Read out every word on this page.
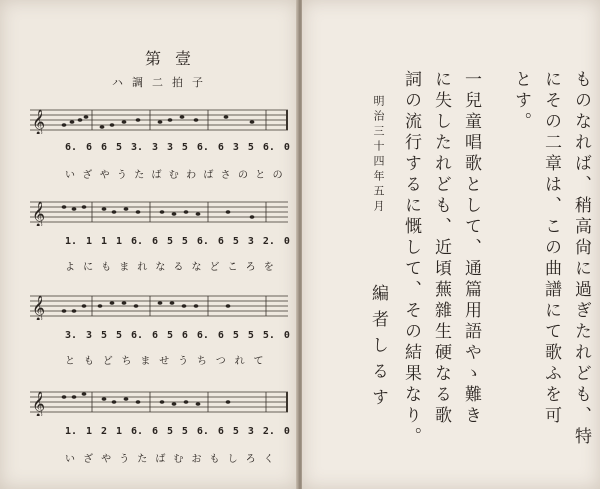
第壹
ハ調二拍子
𝄞
6. 6 6 5 3. 3 3 5 6. 6 3 5 6. 0
い ざ や う た ば む わ ば さ の と の
𝄞
1. 1 1 1 6. 6 5 5 6. 6 5 3 2. 0
よ に も ま れ な る な ど こ ろ を
𝄞
3. 3 5 5 6. 6 5 6 6. 6 5 5 5. 0
と も ど ち ま せ う ち つ れ て
𝄞
1. 1 2 1 6. 6 5 5 6. 6 5 3 2. 0
い ざ や う た ば む お も し ろ く
ものなれば、稍高尙に過ぎたれども、特
にその二章は、この曲譜にて歌ふを可
とす。
一兒童唱歌として、通篇用語やゝ難き
に失したれども、近頃蕪雜生硬なる歌
詞の流行するに慨して、その結果なり。
明治三十四年五月
編者しるす
